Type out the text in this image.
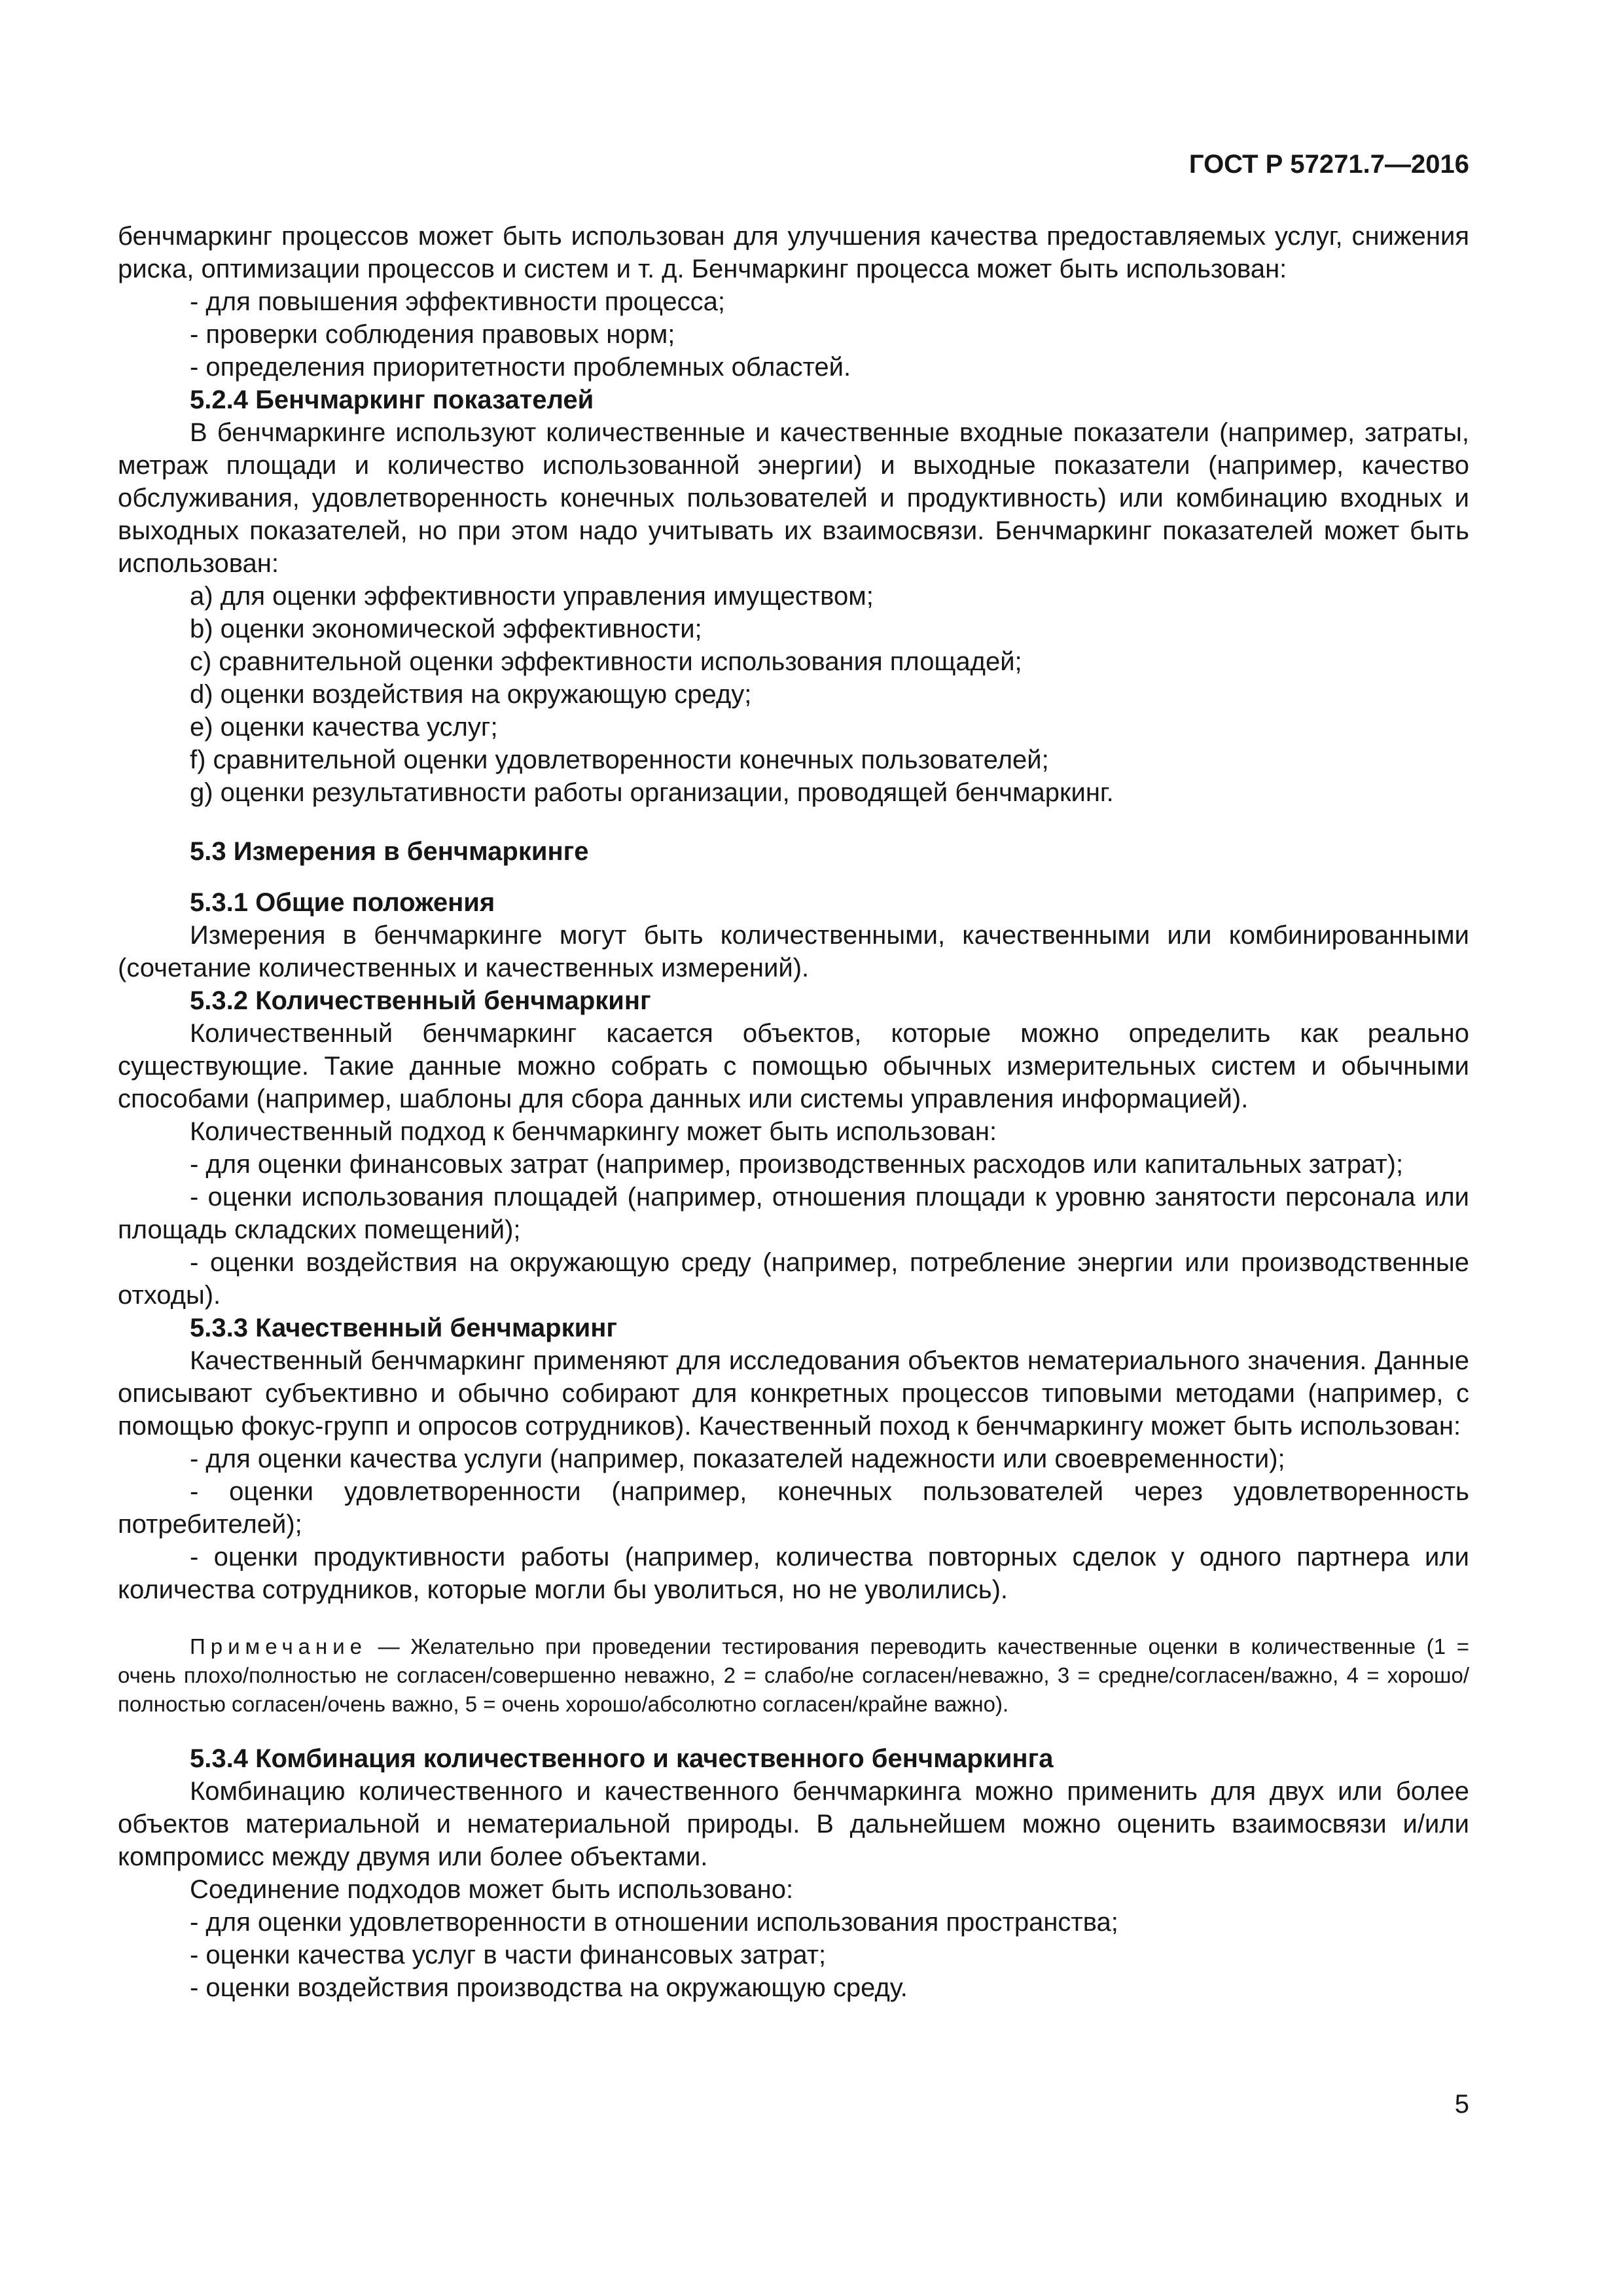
ГОСТ Р 57271.7—2016

бенчмаркинг процессов может быть использован для улучшения качества предоставляемых услуг, снижения риска, оптимизации процессов и систем и т. д. Бенчмаркинг процесса может быть использован:

- для повышения эффективности процесса;

- проверки соблюдения правовых норм;

- определения приоритетности проблемных областей.

5.2.4 Бенчмаркинг показателей

В бенчмаркинге используют количественные и качественные входные показатели (например, затраты, метраж площади и количество использованной энергии) и выходные показатели (например, качество обслуживания, удовлетворенность конечных пользователей и продуктивность) или комбинацию входных и выходных показателей, но при этом надо учитывать их взаимосвязи. Бенчмаркинг показателей может быть использован:

a) для оценки эффективности управления имуществом;

b) оценки экономической эффективности;

c) сравнительной оценки эффективности использования площадей;

d) оценки воздействия на окружающую среду;

e) оценки качества услуг;

f) сравнительной оценки удовлетворенности конечных пользователей;

g) оценки результативности работы организации, проводящей бенчмаркинг.

5.3 Измерения в бенчмаркинге

5.3.1 Общие положения

Измерения в бенчмаркинге могут быть количественными, качественными или комбинированными (сочетание количественных и качественных измерений).

5.3.2 Количественный бенчмаркинг

Количественный бенчмаркинг касается объектов, которые можно определить как реально существующие. Такие данные можно собрать с помощью обычных измерительных систем и обычными способами (например, шаблоны для сбора данных или системы управления информацией).

Количественный подход к бенчмаркингу может быть использован:

- для оценки финансовых затрат (например, производственных расходов или капитальных затрат);

- оценки использования площадей (например, отношения площади к уровню занятости персонала или площадь складских помещений);

- оценки воздействия на окружающую среду (например, потребление энергии или производственные отходы).

5.3.3 Качественный бенчмаркинг

Качественный бенчмаркинг применяют для исследования объектов нематериального значения. Данные описывают субъективно и обычно собирают для конкретных процессов типовыми методами (например, с помощью фокус-групп и опросов сотрудников). Качественный поход к бенчмаркингу может быть использован:

- для оценки качества услуги (например, показателей надежности или своевременности);

- оценки удовлетворенности (например, конечных пользователей через удовлетворенность потребителей);

- оценки продуктивности работы (например, количества повторных сделок у одного партнера или количества сотрудников, которые могли бы уволиться, но не уволились).

Примечание — Желательно при проведении тестирования переводить качественные оценки в количественные (1 = очень плохо/полностью не согласен/совершенно неважно, 2 = слабо/не согласен/неважно, 3 = средне/согласен/важно, 4 = хорошо/полностью согласен/очень важно, 5 = очень хорошо/абсолютно согласен/крайне важно).

5.3.4 Комбинация количественного и качественного бенчмаркинга

Комбинацию количественного и качественного бенчмаркинга можно применить для двух или более объектов материальной и нематериальной природы. В дальнейшем можно оценить взаимосвязи и/или компромисс между двумя или более объектами.

Соединение подходов может быть использовано:

- для оценки удовлетворенности в отношении использования пространства;

- оценки качества услуг в части финансовых затрат;

- оценки воздействия производства на окружающую среду.

5
